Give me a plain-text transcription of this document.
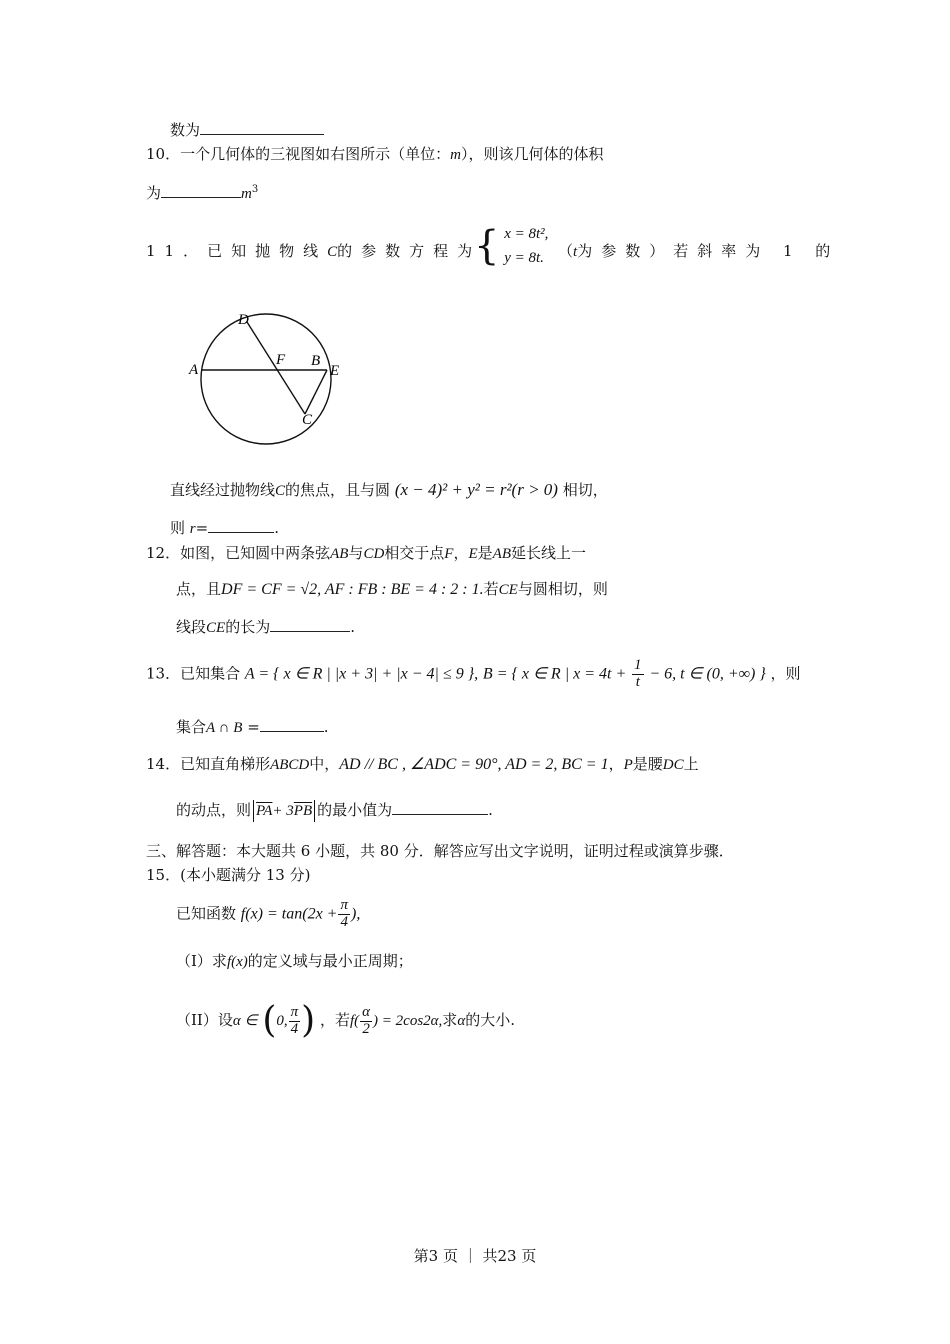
数为
10．一个几何体的三视图如右图所示（单位：m），则该几何体的体积
为	$m^3$
11．已知抛物线C的参数方程为
{ x = 8t²,
y = 8t. （t为参数）若斜率为 1 的
D
A
F B
E
C
直线经过抛物线C的焦点，且与圆 (x − 4)² + y² = r²(r > 0) 相切，
则 r=	.
12．如图，已知圆中两条弦AB与CD相交于点F，E是AB延长线上一
点，且DF = CF = √2, AF : FB : BE = 4 : 2 : 1.若CE与圆相切，则
线段CE的长为	.
13．已知集合 A = { x ∈ R | |x + 3| + |x − 4| ≤ 9 }, B = { x ∈ R | $x = 4t + \frac{1}{t} - 6$, t ∈ (0, +∞) } ，则
集合A ∩ B =	.
14．已知直角梯形ABCD中，AD // BC , ∠ADC = 90°, AD = 2, BC = 1，P是腰DC上
的动点，则 $\overline{PA}+ 3\overline{PB}$ 的最小值为	.
三、解答题：本大题共 6 小题，共 80 分．解答应写出文字说明，证明过程或演算步骤．
15．(本小题满分 13 分)
已知函数 $f(x) = \tan(2x + \frac{\pi}{4}$ ),
（Ⅰ）求f(x)的定义域与最小正周期；
（II）设α ∈ (0, $\frac{\pi}{4}$ ) ，若$f( \frac{\alpha}{2}$ ) = 2cos2α,求α的大小.
第3 页 ｜ 共23 页
